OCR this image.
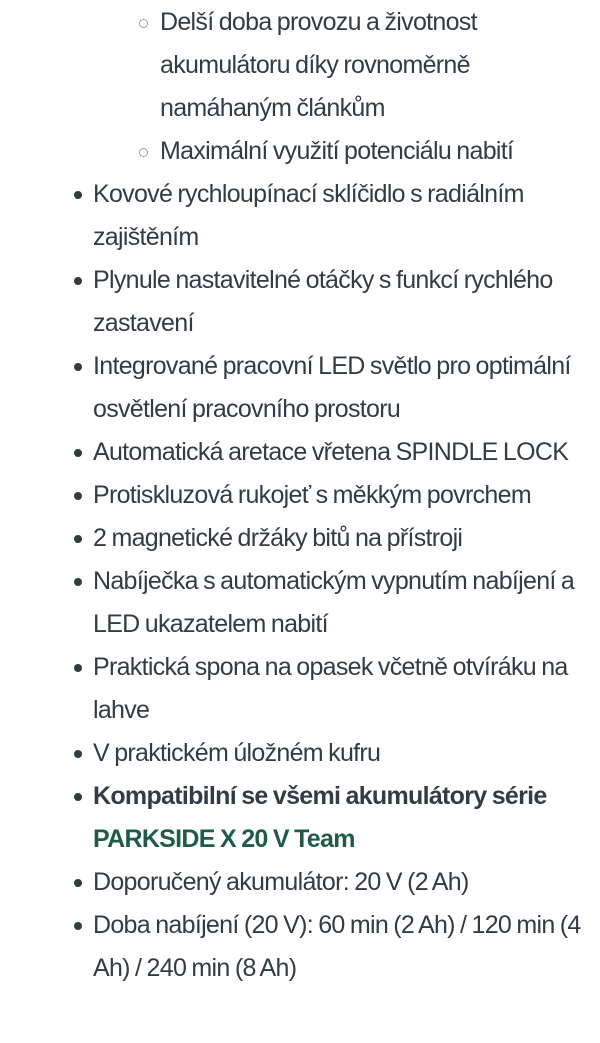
Delší doba provozu a životnost akumulátoru díky rovnoměrně namáhaným článkům
Maximální využití potenciálu nabití
Kovové rychloupínací sklíčidlo s radiálním zajištěním
Plynule nastavitelné otáčky s funkcí rychlého zastavení
Integrované pracovní LED světlo pro optimální osvětlení pracovního prostoru
Automatická aretace vřetena SPINDLE LOCK
Protiskluzová rukojeť s měkkým povrchem
2 magnetické držáky bitů na přístroji
Nabíječka s automatickým vypnutím nabíjení a LED ukazatelem nabití
Praktická spona na opasek včetně otvíráku na lahve
V praktickém úložném kufru
Kompatibilní se všemi akumulátory série PARKSIDE X 20 V Team
Doporučený akumulátor: 20 V (2 Ah)
Doba nabíjení (20 V): 60 min (2 Ah) / 120 min (4 Ah) / 240 min (8 Ah)
